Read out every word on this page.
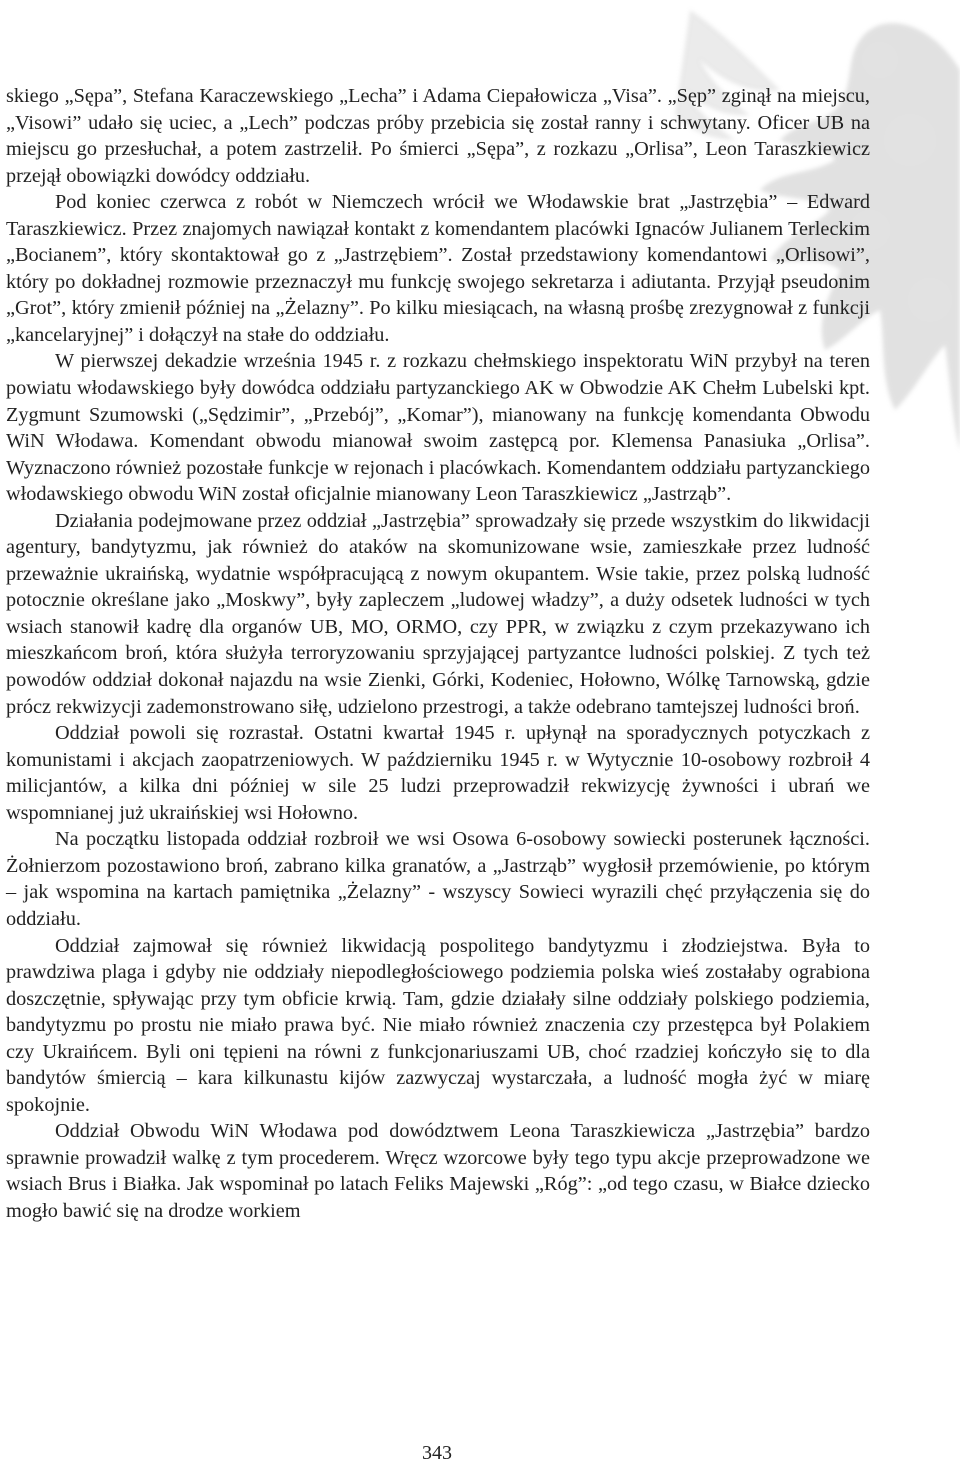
skiego „Sępa”, Stefana Karaczewskiego „Lecha” i Adama Ciepałowicza „Visa”. „Sęp” zginął na miejscu, „Visowi” udało się uciec, a „Lech” podczas próby przebicia się został ranny i schwytany. Oficer UB na miejscu go przesłuchał, a potem zastrzelił. Po śmierci „Sępa”, z rozkazu „Orlisa”, Leon Taraszkiewicz przejął obowiązki dowódcy oddziału.

Pod koniec czerwca z robót w Niemczech wrócił we Włodawskie brat „Jastrzębia” – Edward Taraszkiewicz. Przez znajomych nawiązał kontakt z komendantem placówki Ignaców Julianem Terleckim „Bocianem”, który skontaktował go z „Jastrzębiem”. Został przedstawiony komendantowi „Orlisowi”, który po dokładnej rozmowie przeznaczył mu funkcję swojego sekretarza i adiutanta. Przyjął pseudonim „Grot”, który zmienił później na „Żelazny”. Po kilku miesiącach, na własną prośbę zrezygnował z funkcji „kancelaryjnej” i dołączył na stałe do oddziału.

W pierwszej dekadzie września 1945 r. z rozkazu chełmskiego inspektoratu WiN przybył na teren powiatu włodawskiego były dowódca oddziału partyzanckiego AK w Obwodzie AK Chełm Lubelski kpt. Zygmunt Szumowski („Sędzimir”, „Przebój”, „Komar”), mianowany na funkcję komendanta Obwodu WiN Włodawa. Komendant obwodu mianował swoim zastępcą por. Klemensa Panasiuka „Orlisa”. Wyznaczono również pozostałe funkcje w rejonach i placówkach. Komendantem oddziału partyzanckiego włodawskiego obwodu WiN został oficjalnie mianowany Leon Taraszkiewicz „Jastrząb”.

Działania podejmowane przez oddział „Jastrzębia” sprowadzały się przede wszystkim do likwidacji agentury, bandytyzmu, jak również do ataków na skomunizowane wsie, zamieszkałe przez ludność przeważnie ukraińską, wydatnie współpracującą z nowym okupantem. Wsie takie, przez polską ludność potocznie określane jako „Moskwy”, były zapleczem „ludowej władzy”, a duży odsetek ludności w tych wsiach stanowił kadrę dla organów UB, MO, ORMO, czy PPR, w związku z czym przekazywano ich mieszkańcom broń, która służyła terroryzowaniu sprzyjającej partyzantce ludności polskiej. Z tych też powodów oddział dokonał najazdu na wsie Zienki, Górki, Kodeniec, Hołowno, Wólkę Tarnowską, gdzie prócz rekwizycji zademonstrowano siłę, udzielono przestrogi, a także odebrano tamtejszej ludności broń.

Oddział powoli się rozrastał. Ostatni kwartał 1945 r. upłynął na sporadycznych potyczkach z komunistami i akcjach zaopatrzeniowych. W październiku 1945 r. w Wytycznie 10-osobowy rozbroił 4 milicjantów, a kilka dni później w sile 25 ludzi przeprowadził rekwizycję żywności i ubrań we wspomnianej już ukraińskiej wsi Hołowno.

Na początku listopada oddział rozbroił we wsi Osowa 6-osobowy sowiecki posterunek łączności. Żołnierzom pozostawiono broń, zabrano kilka granatów, a „Jastrząb” wygłosił przemówienie, po którym – jak wspomina na kartach pamiętnika „Żelazny” - wszyscy Sowieci wyrazili chęć przyłączenia się do oddziału.

Oddział zajmował się również likwidacją pospolitego bandytyzmu i złodziejstwa. Była to prawdziwa plaga i gdyby nie oddziały niepodległościowego podziemia polska wieś zostałaby ograbiona doszczętnie, spływając przy tym obficie krwią. Tam, gdzie działały silne oddziały polskiego podziemia, bandytyzmu po prostu nie miało prawa być. Nie miało również znaczenia czy przestępca był Polakiem czy Ukraińcem. Byli oni tępieni na równi z funkcjonariuszami UB, choć rzadziej kończyło się to dla bandytów śmiercią – kara kilkunastu kijów zazwyczaj wystarczała, a ludność mogła żyć w miarę spokojnie.

Oddział Obwodu WiN Włodawa pod dowództwem Leona Taraszkiewicza „Jastrzębia” bardzo sprawnie prowadził walkę z tym procederem. Wręcz wzorcowe były tego typu akcje przeprowadzone we wsiach Brus i Białka. Jak wspominał po latach Feliks Majewski „Róg”: „od tego czasu, w Białce dziecko mogło bawić się na drodze workiem

343
